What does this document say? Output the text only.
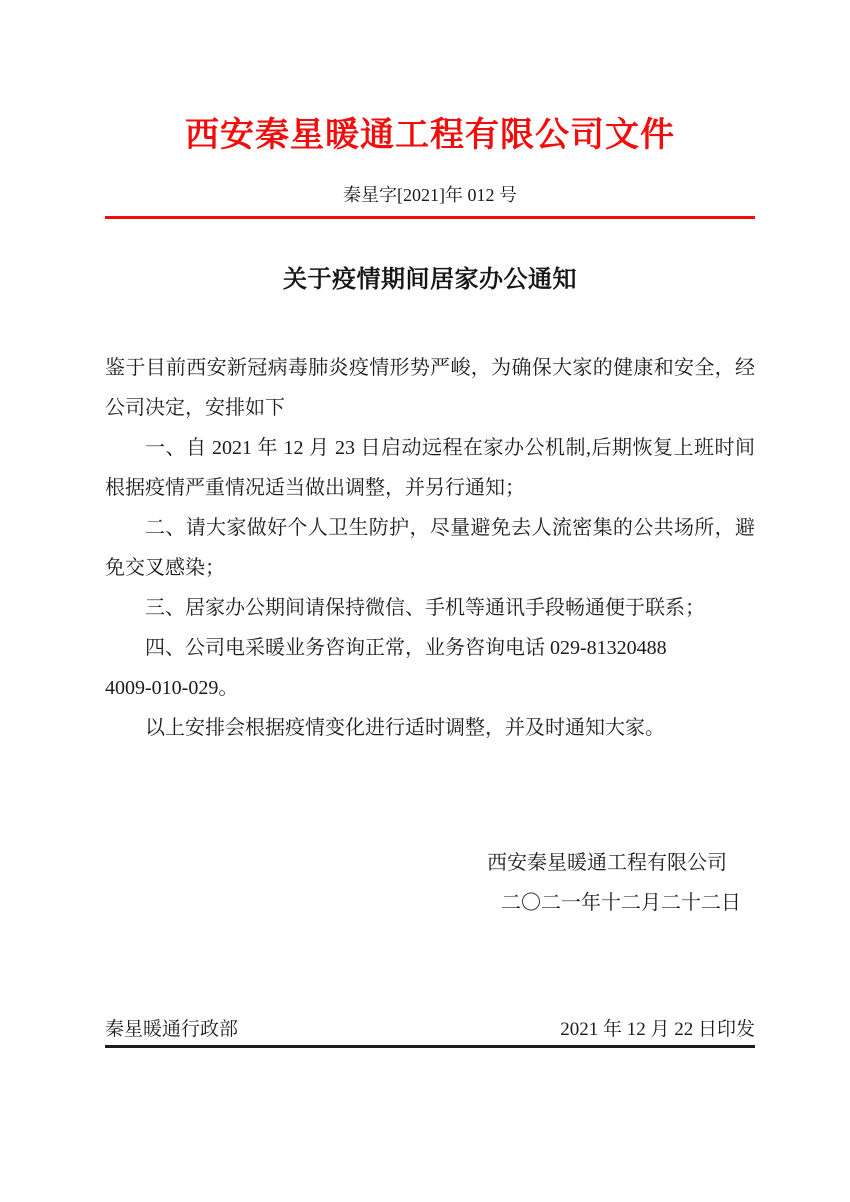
西安秦星暖通工程有限公司文件
秦星字[2021]年 012 号
关于疫情期间居家办公通知

鉴于目前西安新冠病毒肺炎疫情形势严峻，为确保大家的健康和安全，经公司决定，安排如下

一、自 2021 年 12 月 23 日启动远程在家办公机制,后期恢复上班时间根据疫情严重情况适当做出调整，并另行通知；

二、请大家做好个人卫生防护，尽量避免去人流密集的公共场所，避免交叉感染；

三、居家办公期间请保持微信、手机等通讯手段畅通便于联系；

四、公司电采暖业务咨询正常，业务咨询电话 029-81320488

4009-010-029。

以上安排会根据疫情变化进行适时调整，并及时通知大家。

西安秦星暖通工程有限公司
二〇二一年十二月二十二日
秦星暖通行政部	2021 年 12 月 22 日印发
